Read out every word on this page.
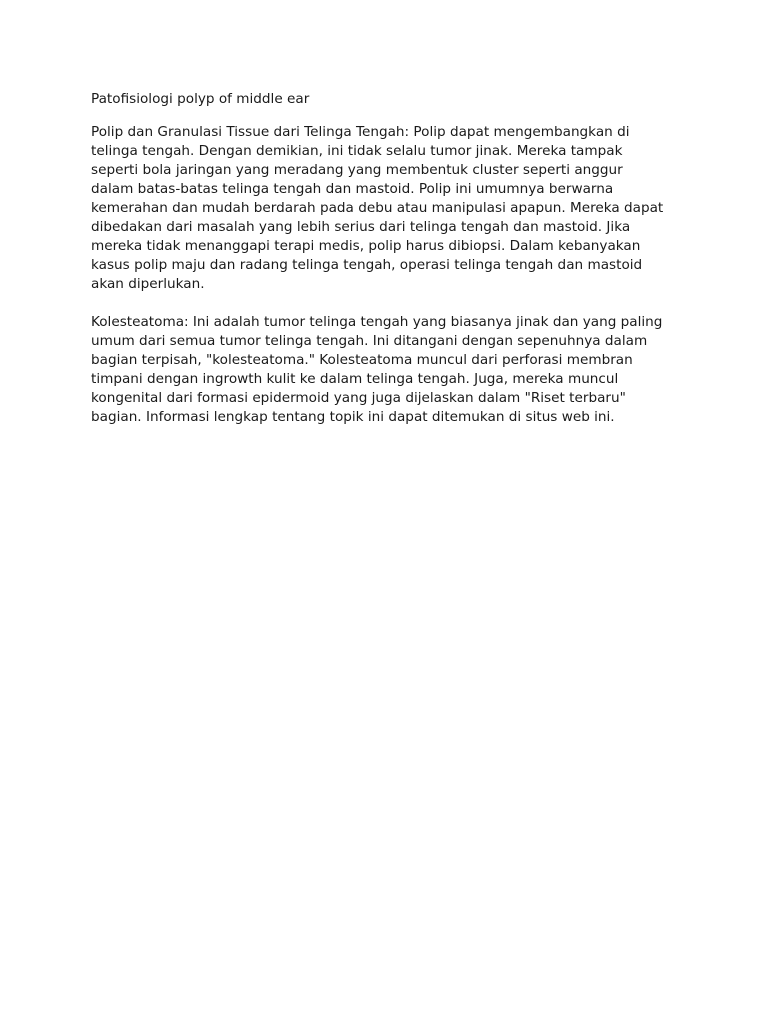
Patofisiologi polyp of middle ear

Polip dan Granulasi Tissue dari Telinga Tengah: Polip dapat mengembangkan di
telinga tengah. Dengan demikian, ini tidak selalu tumor jinak. Mereka tampak
seperti bola jaringan yang meradang yang membentuk cluster seperti anggur
dalam batas-batas telinga tengah dan mastoid. Polip ini umumnya berwarna
kemerahan dan mudah berdarah pada debu atau manipulasi apapun. Mereka dapat
dibedakan dari masalah yang lebih serius dari telinga tengah dan mastoid. Jika
mereka tidak menanggapi terapi medis, polip harus dibiopsi. Dalam kebanyakan
kasus polip maju dan radang telinga tengah, operasi telinga tengah dan mastoid
akan diperlukan.

Kolesteatoma: Ini adalah tumor telinga tengah yang biasanya jinak dan yang paling
umum dari semua tumor telinga tengah. Ini ditangani dengan sepenuhnya dalam
bagian terpisah, "kolesteatoma." Kolesteatoma muncul dari perforasi membran
timpani dengan ingrowth kulit ke dalam telinga tengah. Juga, mereka muncul
kongenital dari formasi epidermoid yang juga dijelaskan dalam "Riset terbaru"
bagian. Informasi lengkap tentang topik ini dapat ditemukan di situs web ini.
